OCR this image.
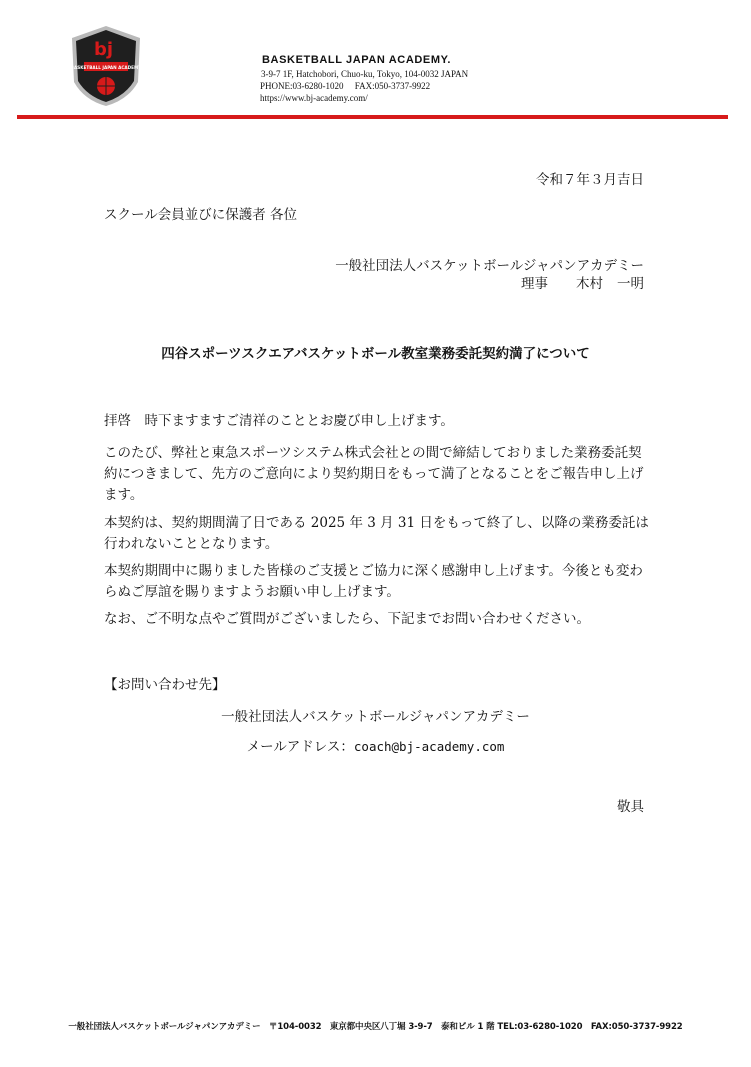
bj
BASKETBALL JAPAN ACADEMY
BASKETBALL JAPAN ACADEMY.
3-9-7 1F, Hatchobori, Chuo-ku, Tokyo, 104-0032 JAPAN
PHONE:03-6280-1020 FAX:050-3737-9922
https://www.bj-academy.com/
令和７年３月吉日
スクール会員並びに保護者 各位
一般社団法人バスケットボールジャパンアカデミー
理事 木村 一明
四谷スポーツスクエアバスケットボール教室業務委託契約満了について

拝啓　時下ますますご清祥のこととお慶び申し上げます。

このたび、弊社と東急スポーツシステム株式会社との間で締結しておりました業務委託契約につきまして、先方のご意向により契約期日をもって満了となることをご報告申し上げます。

本契約は、契約期間満了日である 2025 年 3 月 31 日をもって終了し、以降の業務委託は行われないこととなります。

本契約期間中に賜りました皆様のご支援とご協力に深く感謝申し上げます。今後とも変わらぬご厚誼を賜りますようお願い申し上げます。

なお、ご不明な点やご質問がございましたら、下記までお問い合わせください。

【お問い合わせ先】
一般社団法人バスケットボールジャパンアカデミー
メールアドレス：coach@bj-academy.com
敬具
一般社団法人バスケットボールジャパンアカデミー　〒104-0032　東京都中央区八丁堀 3-9-7　泰和ビル 1 階 TEL:03-6280-1020　FAX:050-3737-9922
